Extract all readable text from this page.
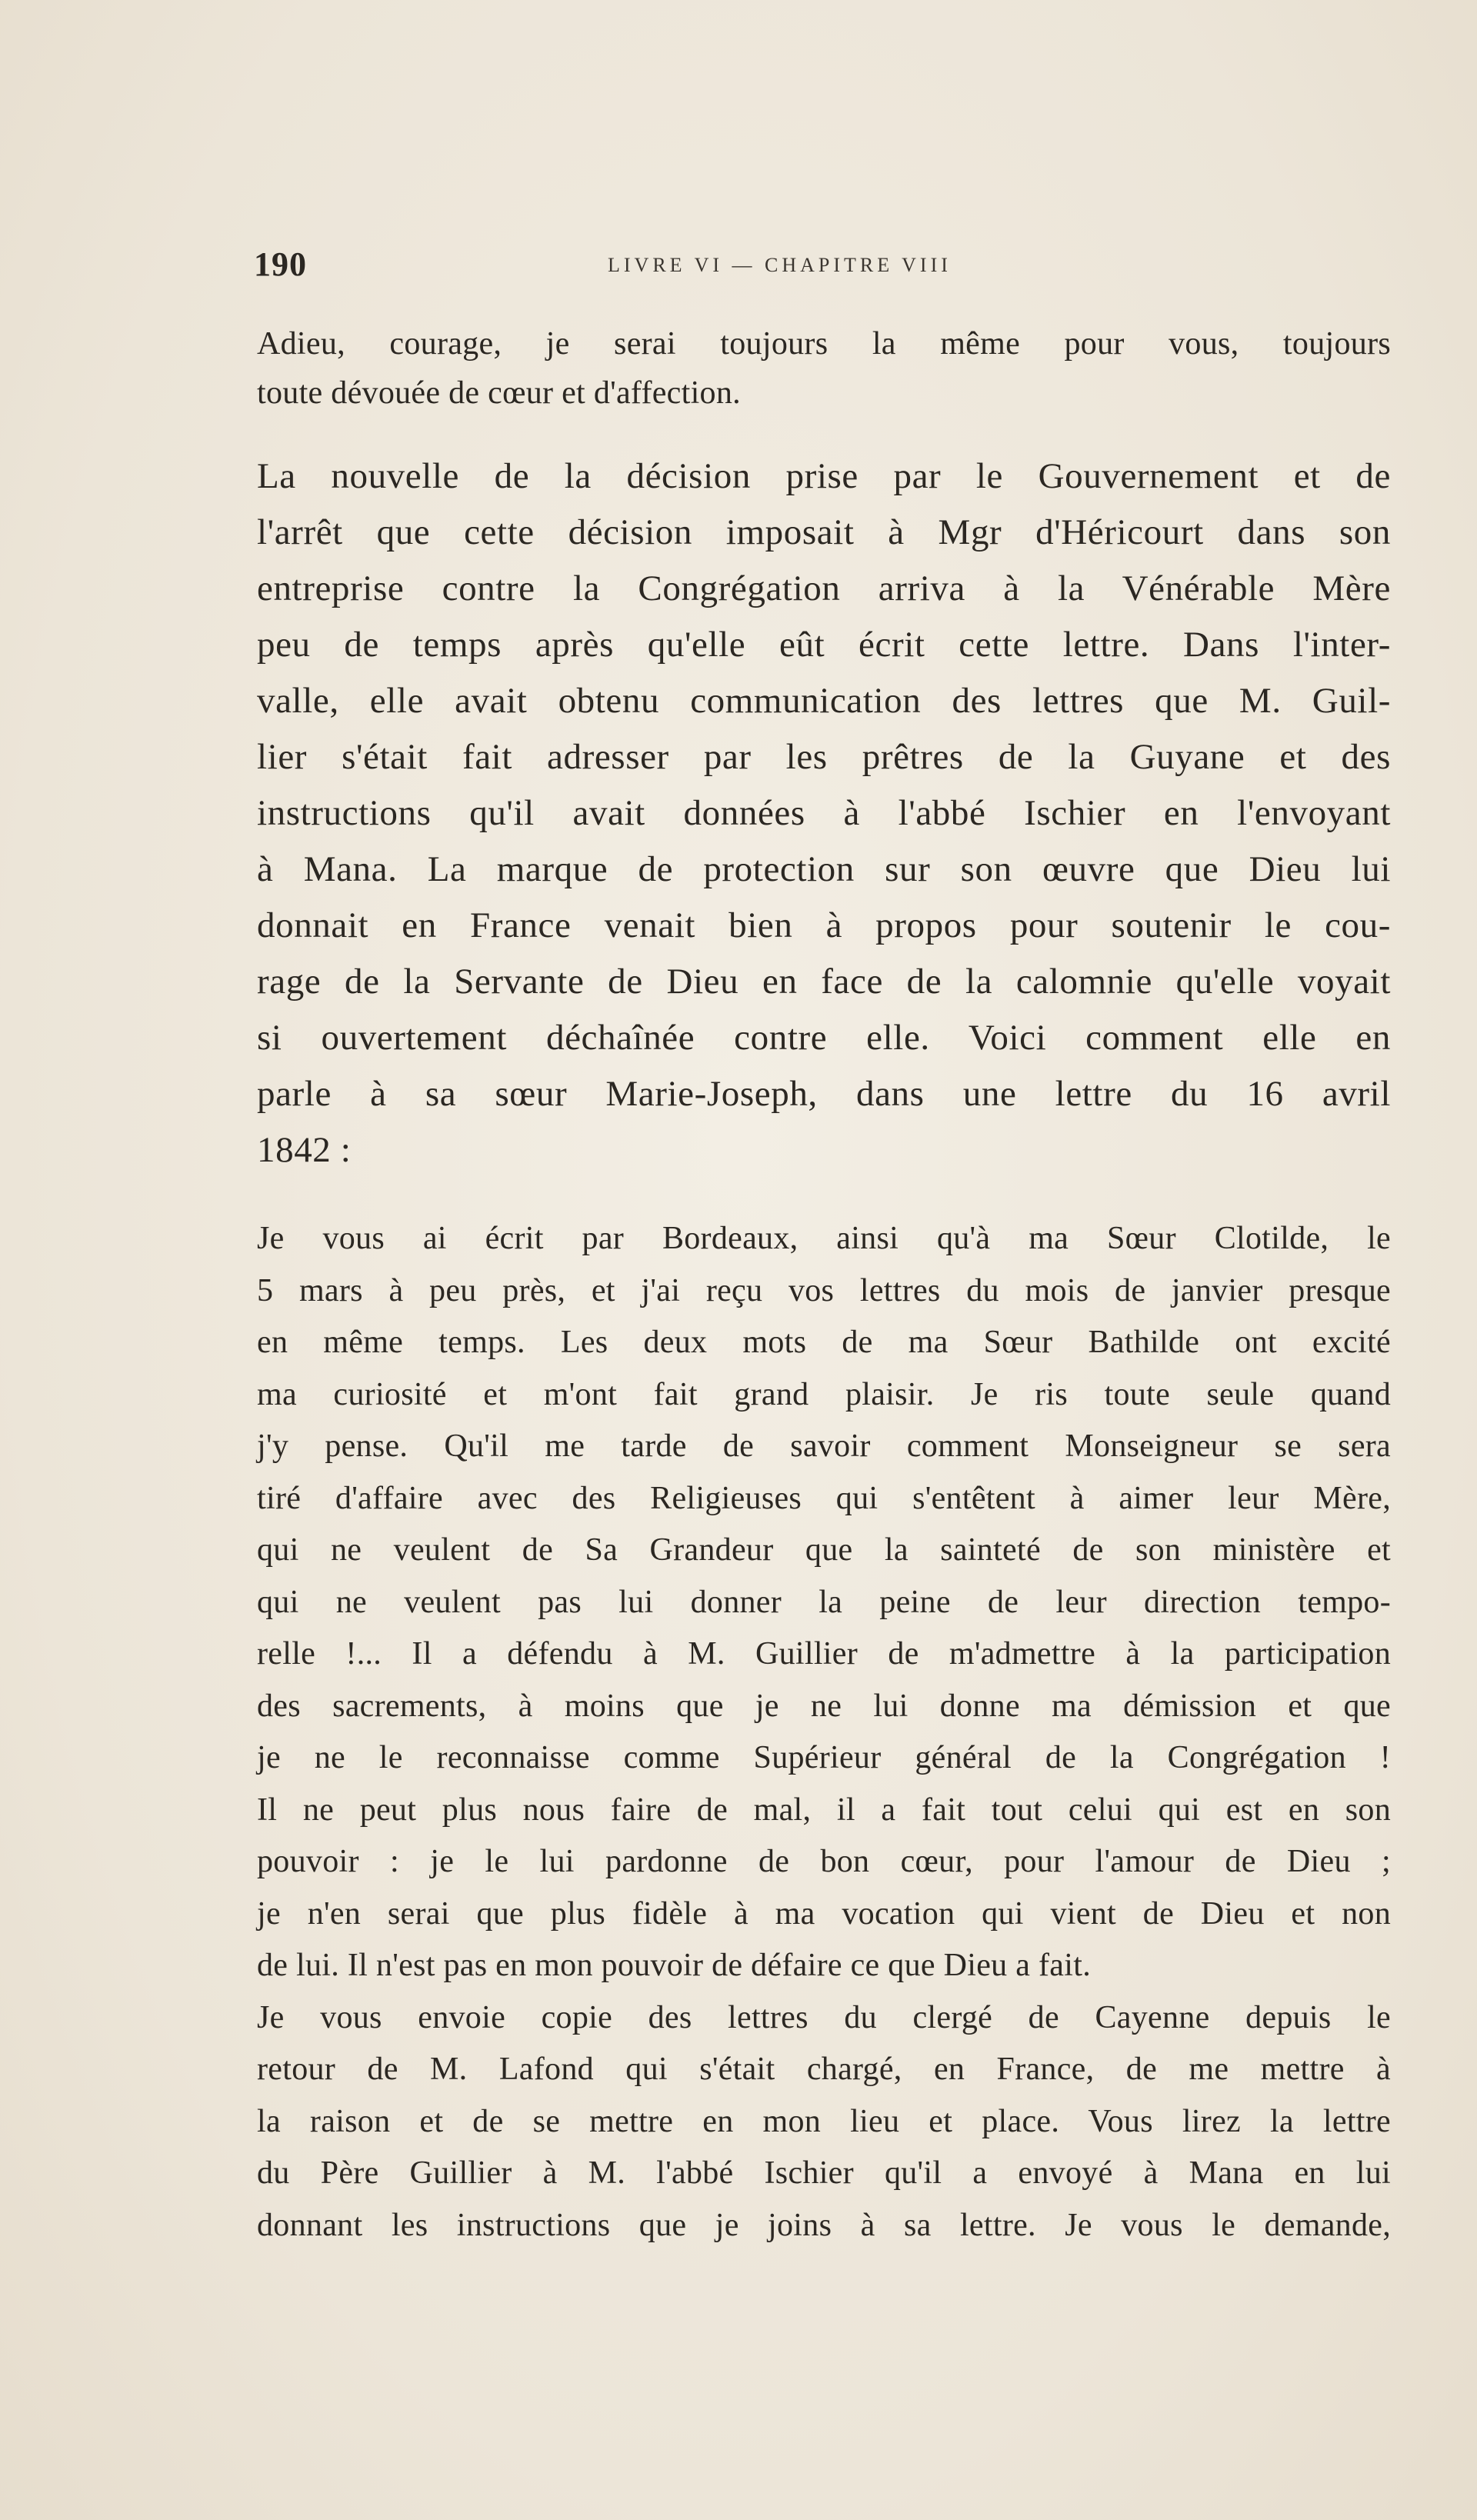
190	LIVRE VI — CHAPITRE VIII
Adieu, courage, je serai toujours la même pour vous, toujours
toute dévouée de cœur et d'affection.
La nouvelle de la décision prise par le Gouvernement et de
l'arrêt que cette décision imposait à Mgr d'Héricourt dans son
entreprise contre la Congrégation arriva à la Vénérable Mère
peu de temps après qu'elle eût écrit cette lettre. Dans l'inter-
valle, elle avait obtenu communication des lettres que M. Guil-
lier s'était fait adresser par les prêtres de la Guyane et des
instructions qu'il avait données à l'abbé Ischier en l'envoyant
à Mana. La marque de protection sur son œuvre que Dieu lui
donnait en France venait bien à propos pour soutenir le cou-
rage de la Servante de Dieu en face de la calomnie qu'elle voyait
si ouvertement déchaînée contre elle. Voici comment elle en
parle à sa sœur Marie-Joseph, dans une lettre du 16 avril
1842 :
Je vous ai écrit par Bordeaux, ainsi qu'à ma Sœur Clotilde, le
5 mars à peu près, et j'ai reçu vos lettres du mois de janvier presque
en même temps. Les deux mots de ma Sœur Bathilde ont excité
ma curiosité et m'ont fait grand plaisir. Je ris toute seule quand
j'y pense. Qu'il me tarde de savoir comment Monseigneur se sera
tiré d'affaire avec des Religieuses qui s'entêtent à aimer leur Mère,
qui ne veulent de Sa Grandeur que la sainteté de son ministère et
qui ne veulent pas lui donner la peine de leur direction tempo-
relle !... Il a défendu à M. Guillier de m'admettre à la participation
des sacrements, à moins que je ne lui donne ma démission et que
je ne le reconnaisse comme Supérieur général de la Congrégation !
Il ne peut plus nous faire de mal, il a fait tout celui qui est en son
pouvoir : je le lui pardonne de bon cœur, pour l'amour de Dieu ;
je n'en serai que plus fidèle à ma vocation qui vient de Dieu et non
de lui. Il n'est pas en mon pouvoir de défaire ce que Dieu a fait.
Je vous envoie copie des lettres du clergé de Cayenne depuis le
retour de M. Lafond qui s'était chargé, en France, de me mettre à
la raison et de se mettre en mon lieu et place. Vous lirez la lettre
du Père Guillier à M. l'abbé Ischier qu'il a envoyé à Mana en lui
donnant les instructions que je joins à sa lettre. Je vous le demande,
